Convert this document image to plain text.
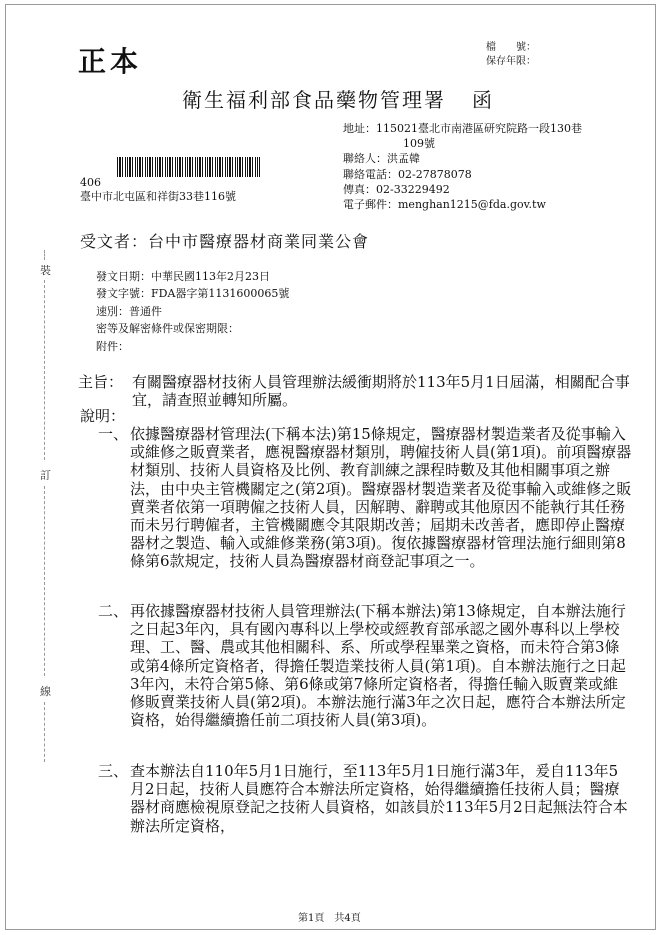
正本	檔　　號：
保存年限：
衛生福利部食品藥物管理署 函
地址：115021臺北市南港區研究院路一段130巷
109號
聯絡人：洪孟韓
聯絡電話：02-27878078
傳真：02-33229492
電子郵件：menghan1215@fda.gov.tw
406
臺中市北屯區和祥街33巷116號
受文者：台中市醫療器材商業同業公會
發文日期：中華民國113年2月23日
發文字號：FDA器字第1131600065號
速別：普通件
密等及解密條件或保密期限：
附件：
主旨： 有關醫療器材技術人員管理辦法緩衝期將於113年5月1日屆滿，相關配合事宜，請查照並轉知所屬。
說明：
一、 依據醫療器材管理法(下稱本法)第15條規定，醫療器材製造業者及從事輸入或維修之販賣業者，應視醫療器材類別，聘僱技術人員(第1項)。前項醫療器材類別、技術人員資格及比例、教育訓練之課程時數及其他相關事項之辦法，由中央主管機關定之(第2項)。醫療器材製造業者及從事輸入或維修之販賣業者依第一項聘僱之技術人員，因解聘、辭聘或其他原因不能執行其任務而未另行聘僱者，主管機關應令其限期改善；屆期未改善者，應即停止醫療器材之製造、輸入或維修業務(第3項)。復依據醫療器材管理法施行細則第8條第6款規定，技術人員為醫療器材商登記事項之一。
二、 再依據醫療器材技術人員管理辦法(下稱本辦法)第13條規定，自本辦法施行之日起3年內，具有國內專科以上學校或經教育部承認之國外專科以上學校理、工、醫、農或其他相關科、系、所或學程畢業之資格，而未符合第3條或第4條所定資格者，得擔任製造業技術人員(第1項)。自本辦法施行之日起3年內，未符合第5條、第6條或第7條所定資格者，得擔任輸入販賣業或維修販賣業技術人員(第2項)。本辦法施行滿3年之次日起，應符合本辦法所定資格，始得繼續擔任前二項技術人員(第3項)。
三、 查本辦法自110年5月1日施行，至113年5月1日施行滿3年，爰自113年5月2日起，技術人員應符合本辦法所定資格，始得繼續擔任技術人員；醫療器材商應檢視原登記之技術人員資格，如該員於113年5月2日起無法符合本辦法所定資格，
裝
訂
線
第1頁　共4頁
